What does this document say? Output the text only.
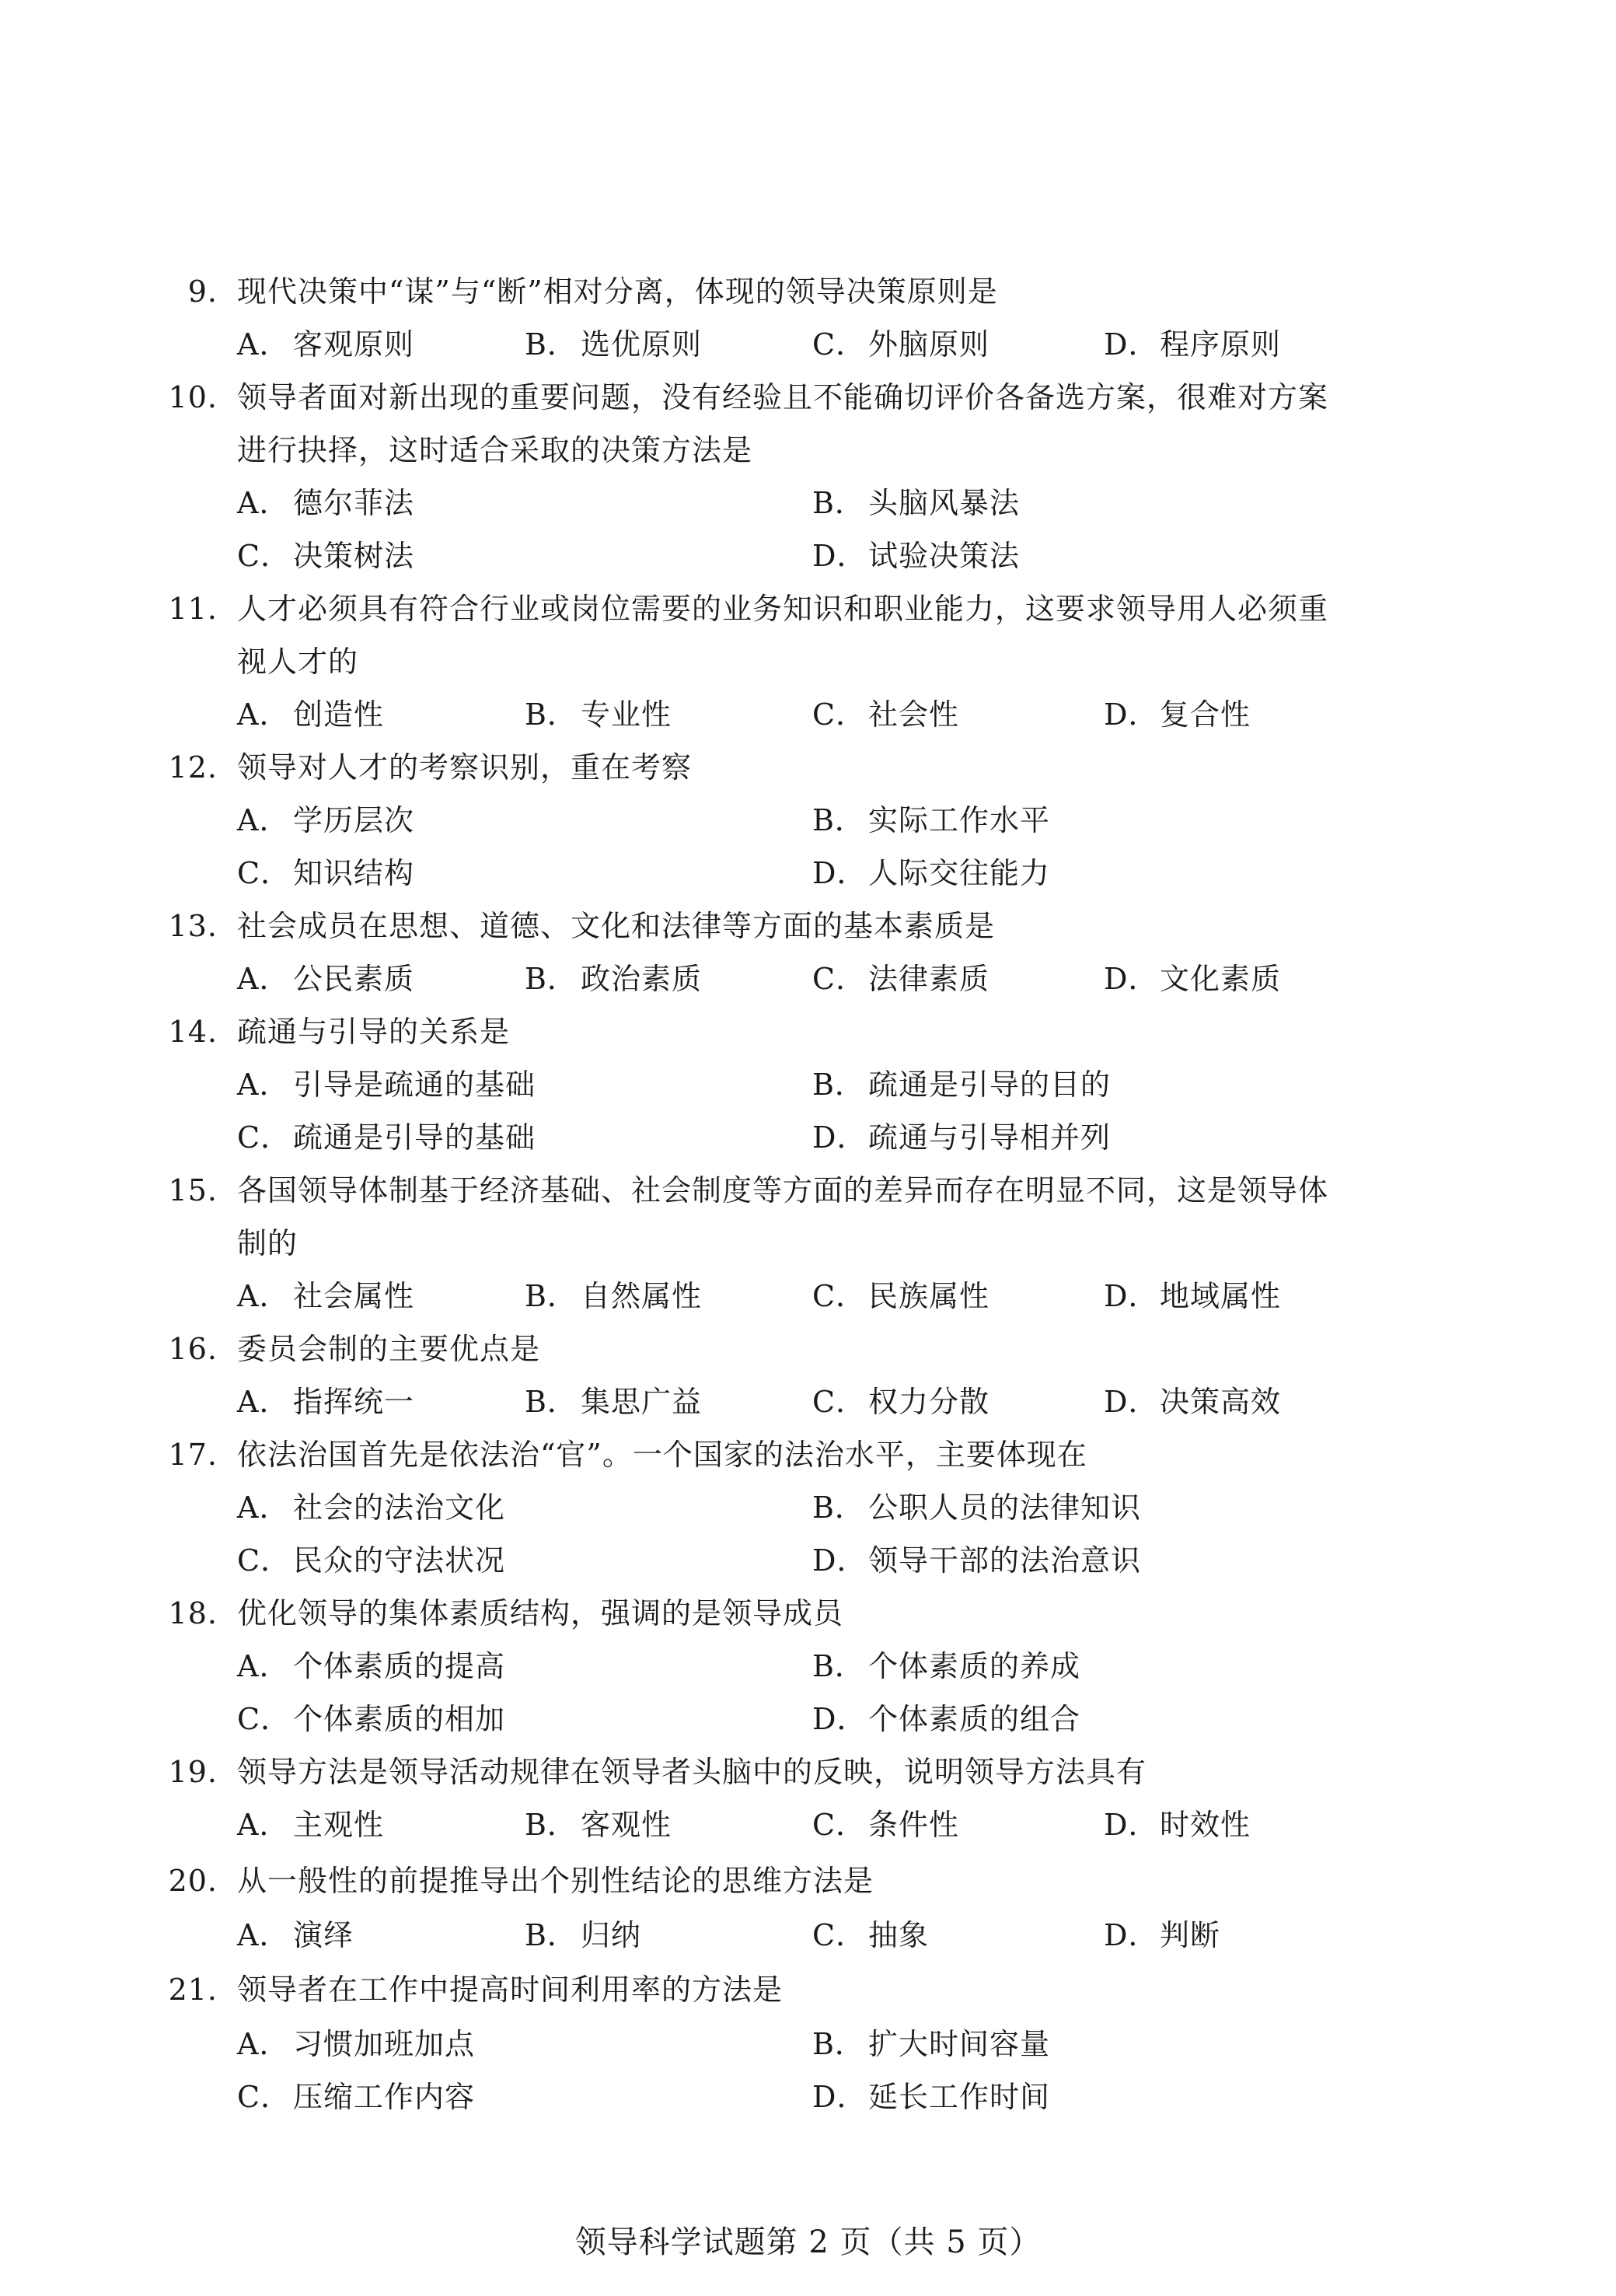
9. 现代决策中“谋”与“断”相对分离，体现的领导决策原则是
A． 客观原则	B． 选优原则	C．外脑原则	D．程序原则
10. 领导者面对新出现的重要问题，没有经验且不能确切评价各备选方案，很难对方案
进行抉择，这时适合采取的决策方法是
A． 德尔菲法	B． 头脑风暴法
C．决策树法	D．试验决策法
11. 人才必须具有符合行业或岗位需要的业务知识和职业能力，这要求领导用人必须重
视人才的
A． 创造性	B． 专业性	C．社会性	D．复合性
12. 领导对人才的考察识别，重在考察
A． 学历层次	B． 实际工作水平
C．知识结构	D．人际交往能力
13. 社会成员在思想、道德、文化和法律等方面的基本素质是
A． 公民素质	B． 政治素质	C．法律素质	D．文化素质
14. 疏通与引导的关系是
A． 引导是疏通的基础	B． 疏通是引导的目的
C．疏通是引导的基础	D．疏通与引导相并列
15. 各国领导体制基于经济基础、社会制度等方面的差异而存在明显不同，这是领导体
制的
A． 社会属性	B． 自然属性	C．民族属性	D．地域属性
16. 委员会制的主要优点是
A． 指挥统一	B． 集思广益	C．权力分散	D．决策高效
17. 依法治国首先是依法治“官”。一个国家的法治水平，主要体现在
A． 社会的法治文化	B． 公职人员的法律知识
C．民众的守法状况	D．领导干部的法治意识
18. 优化领导的集体素质结构，强调的是领导成员
A． 个体素质的提高	B． 个体素质的养成
C．个体素质的相加	D．个体素质的组合
19. 领导方法是领导活动规律在领导者头脑中的反映，说明领导方法具有
A． 主观性	B． 客观性	C．条件性	D．时效性
20. 从一般性的前提推导出个别性结论的思维方法是
A． 演绎	B． 归纳	C．抽象	D．判断
21. 领导者在工作中提高时间利用率的方法是
A． 习惯加班加点	B． 扩大时间容量
C．压缩工作内容	D．延长工作时间
领导科学试题第 2 页（共 5 页）
